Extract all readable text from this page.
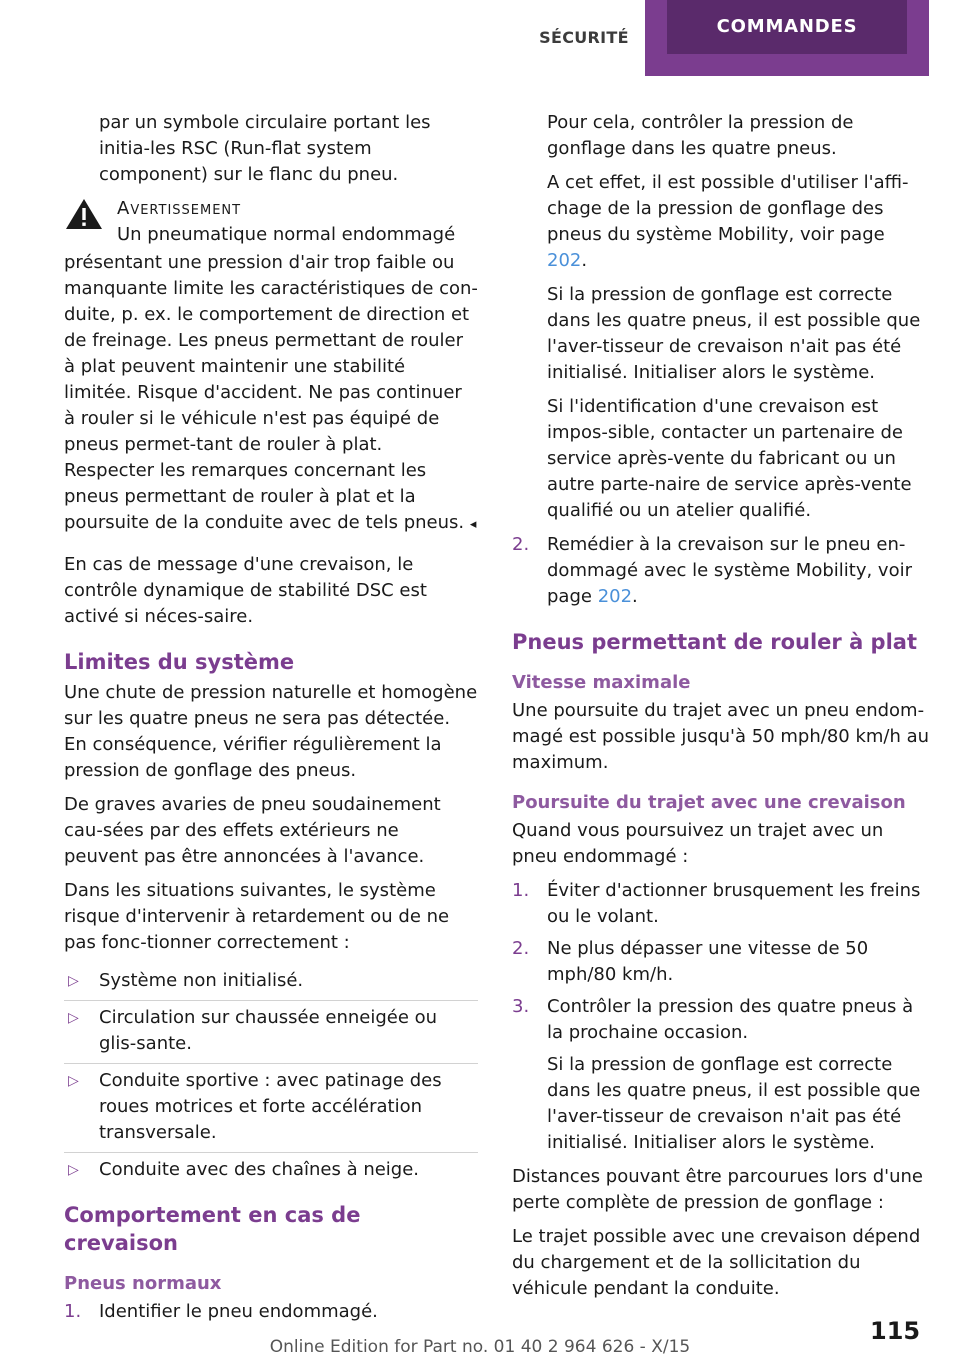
SÉCURITÉ
COMMANDES

par un symbole circulaire portant les initia-les RSC (Run-flat system component) sur le flanc du pneu.

Avertissement
Un pneumatique normal endommagé
présentant une pression d'air trop faible ou manquante limite les caractéristiques de con-duite, p. ex. le comportement de direction et de freinage. Les pneus permettant de rouler à plat peuvent maintenir une stabilité limitée. Risque d'accident. Ne pas continuer à rouler si le véhicule n'est pas équipé de pneus permet-tant de rouler à plat. Respecter les remarques concernant les pneus permettant de rouler à plat et la poursuite de la conduite avec de tels pneus. ◂

En cas de message d'une crevaison, le contrôle dynamique de stabilité DSC est activé si néces-saire.

Limites du système

Une chute de pression naturelle et homogène sur les quatre pneus ne sera pas détectée. En conséquence, vérifier régulièrement la pression de gonflage des pneus.

De graves avaries de pneu soudainement cau-sées par des effets extérieurs ne peuvent pas être annoncées à l'avance.

Dans les situations suivantes, le système risque d'intervenir à retardement ou de ne pas fonc-tionner correctement :

▷ Système non initialisé.
▷ Circulation sur chaussée enneigée ou glis-sante.
▷ Conduite sportive : avec patinage des roues motrices et forte accélération transversale.
▷ Conduite avec des chaînes à neige.
Comportement en cas de crevaison
Pneus normaux
1. Identifier le pneu endommagé.

Pour cela, contrôler la pression de gonflage dans les quatre pneus.

A cet effet, il est possible d'utiliser l'affi-chage de la pression de gonflage des pneus du système Mobility, voir page 202.

Si la pression de gonflage est correcte dans les quatre pneus, il est possible que l'aver-tisseur de crevaison n'ait pas été initialisé. Initialiser alors le système.

Si l'identification d'une crevaison est impos-sible, contacter un partenaire de service après-vente du fabricant ou un autre parte-naire de service après-vente qualifié ou un atelier qualifié.

2. Remédier à la crevaison sur le pneu en-dommagé avec le système Mobility, voir page 202.
Pneus permettant de rouler à plat
Vitesse maximale

Une poursuite du trajet avec un pneu endom-magé est possible jusqu'à 50 mph/80 km/h au maximum.

Poursuite du trajet avec une crevaison

Quand vous poursuivez un trajet avec un pneu endommagé :

1. Éviter d'actionner brusquement les freins ou le volant.
2. Ne plus dépasser une vitesse de 50 mph/80 km/h.
3. Contrôler la pression des quatre pneus à la prochaine occasion.

Si la pression de gonflage est correcte dans les quatre pneus, il est possible que l'aver-tisseur de crevaison n'ait pas été initialisé. Initialiser alors le système.

Distances pouvant être parcourues lors d'une perte complète de pression de gonflage :

Le trajet possible avec une crevaison dépend du chargement et de la sollicitation du véhicule pendant la conduite.

115
Online Edition for Part no. 01 40 2 964 626 - X/15
